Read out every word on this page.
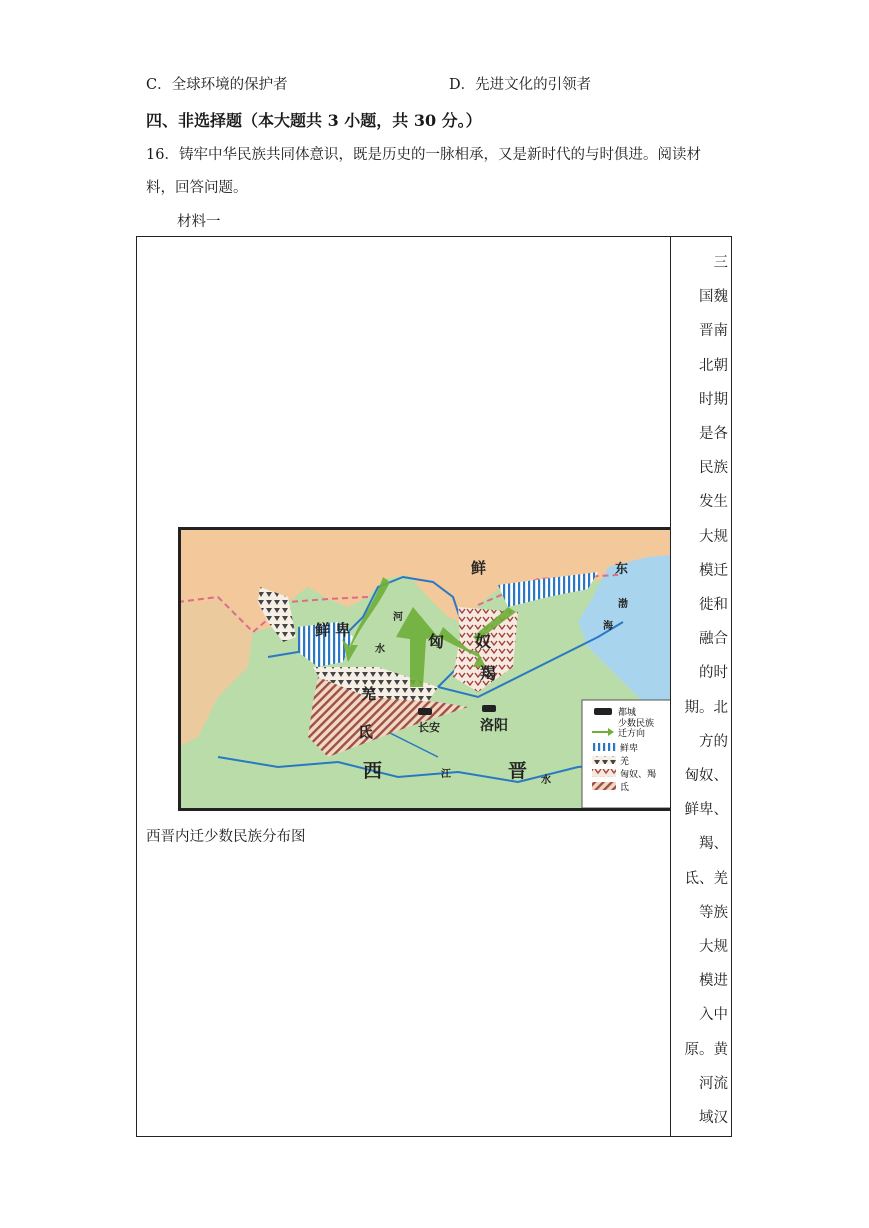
C．全球环境的保护者	D．先进文化的引领者
四、非选择题（本大题共 3 小题，共 30 分。）
16．铸牢中华民族共同体意识，既是历史的一脉相承，又是新时代的与时俱进。阅读材
料，回答问题。
材料一
鲜
鲜 卑
匈 奴
羯
羌
氐	长安	洛阳
西	晋
河
水
江
水
渤
海
东
都城
少数民族
迁方向
鲜卑
羌
匈奴、羯
氐
西晋内迁少数民族分布图
三
国魏
晋南
北朝
时期
是各
民族
发生
大规
模迁
徙和
融合
的时
期。北
方的
匈奴、
鲜卑、
羯、
氐、羌
等族
大规
模进
入中
原。黄
河流
域汉
